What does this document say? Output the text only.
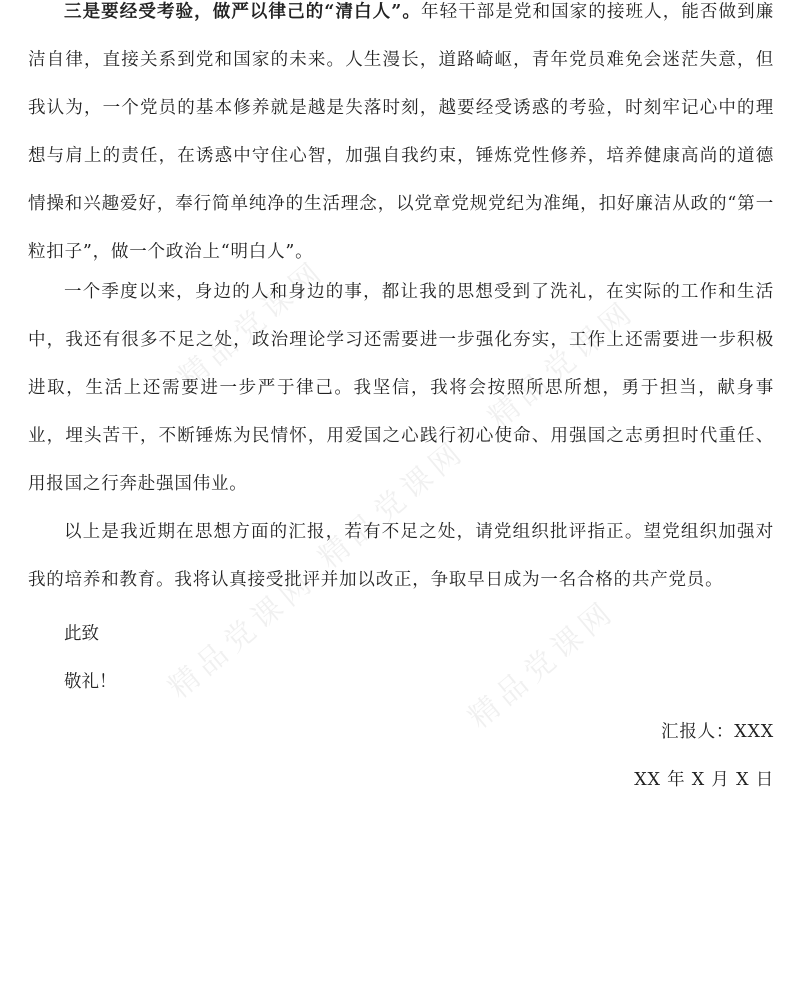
三是要经受考验，做严以律己的“清白人”。年轻干部是党和国家的接班人，能否做到廉洁自律，直接关系到党和国家的未来。人生漫长，道路崎岖，青年党员难免会迷茫失意，但我认为，一个党员的基本修养就是越是失落时刻，越要经受诱惑的考验，时刻牢记心中的理想与肩上的责任，在诱惑中守住心智，加强自我约束，锤炼党性修养，培养健康高尚的道德情操和兴趣爱好，奉行简单纯净的生活理念，以党章党规党纪为准绳，扣好廉洁从政的“第一粒扣子”，做一个政治上“明白人”。

一个季度以来，身边的人和身边的事，都让我的思想受到了洗礼，在实际的工作和生活中，我还有很多不足之处，政治理论学习还需要进一步强化夯实，工作上还需要进一步积极进取，生活上还需要进一步严于律己。我坚信，我将会按照所思所想，勇于担当，献身事业，埋头苦干，不断锤炼为民情怀，用爱国之心践行初心使命、用强国之志勇担时代重任、用报国之行奔赴强国伟业。

以上是我近期在思想方面的汇报，若有不足之处，请党组织批评指正。望党组织加强对我的培养和教育。我将认真接受批评并加以改正，争取早日成为一名合格的共产党员。

此致

敬礼！

汇报人：XXX

XX 年 X 月 X 日

精品党课网	精品党课网
精品党课网	精品党课网
精品党课网
